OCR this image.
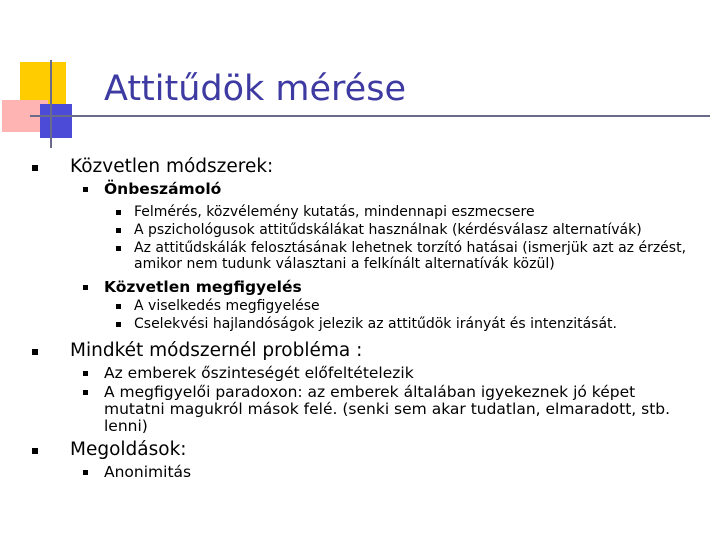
Attitűdök mérése
Közvetlen módszerek:
Önbeszámoló
Felmérés, közvélemény kutatás, mindennapi eszmecsere
A pszichológusok attitűdskálákat használnak (kérdésválasz alternatívák)
Az attitűdskálák felosztásának lehetnek torzító hatásai (ismerjük azt az érzést,
amikor nem tudunk választani a felkínált alternatívák közül)
Közvetlen megfigyelés
A viselkedés megfigyelése
Cselekvési hajlandóságok jelezik az attitűdök irányát és intenzitását.
Mindkét módszernél probléma :
Az emberek őszinteségét előfeltételezik
A megfigyelői paradoxon: az emberek általában igyekeznek jó képet
mutatni magukról mások felé. (senki sem akar tudatlan, elmaradott, stb.
lenni)
Megoldások:
Anonimitás
